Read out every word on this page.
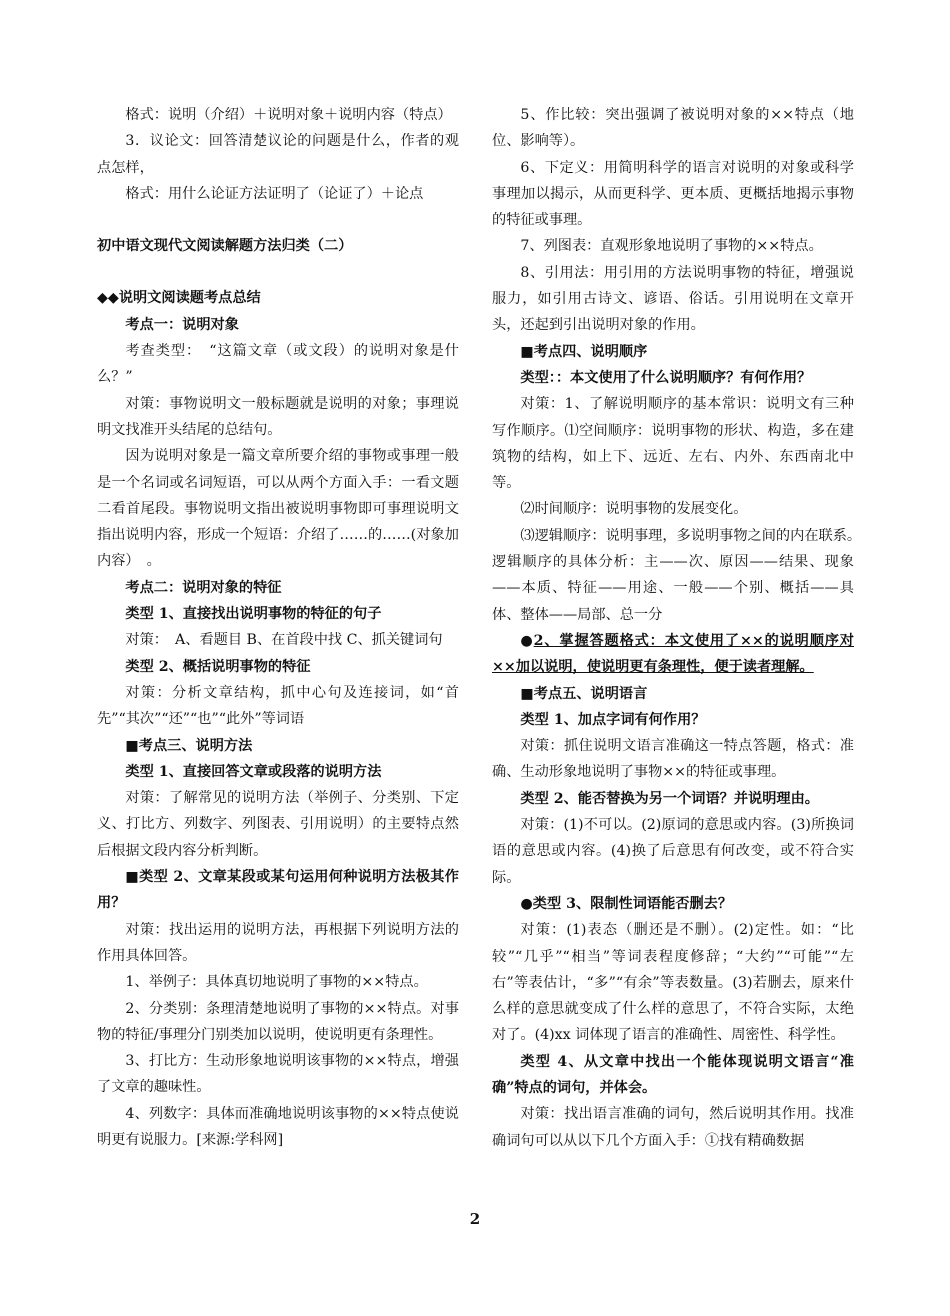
格式：说明（介绍）＋说明对象＋说明内容（特点）

3．议论文：回答清楚议论的问题是什么，作者的观点怎样，

格式：用什么论证方法证明了（论证了）＋论点

初中语文现代文阅读解题方法归类（二）

◆◆说明文阅读题考点总结

考点一：说明对象

考查类型：　“这篇文章（或文段）的说明对象是什么？”

对策：事物说明文一般标题就是说明的对象；事理说明文找准开头结尾的总结句。

因为说明对象是一篇文章所要介绍的事物或事理一般是一个名词或名词短语，可以从两个方面入手：一看文题二看首尾段。事物说明文指出被说明事物即可事理说明文指出说明内容，形成一个短语：介绍了……的……(对象加内容）　。

考点二：说明对象的特征

类型 1、直接找出说明事物的特征的句子

对策：　A、看题目 B、在首段中找 C、抓关键词句

类型 2、概括说明事物的特征

对策：分析文章结构，抓中心句及连接词，如“首先”“其次”“还”“也”“此外”等词语

■考点三、说明方法

类型 1、直接回答文章或段落的说明方法

对策：了解常见的说明方法（举例子、分类别、下定义、打比方、列数字、列图表、引用说明）的主要特点然后根据文段内容分析判断。

■类型 2、文章某段或某句运用何种说明方法极其作用？

对策：找出运用的说明方法，再根据下列说明方法的作用具体回答。

1、举例子：具体真切地说明了事物的××特点。

2、分类别：条理清楚地说明了事物的××特点。对事物的特征/事理分门别类加以说明，使说明更有条理性。

3、打比方：生动形象地说明该事物的××特点，增强了文章的趣味性。

4、列数字：具体而准确地说明该事物的××特点使说明更有说服力。[来源:学科网]

5、作比较：突出强调了被说明对象的××特点（地位、影响等）。

6、下定义：用简明科学的语言对说明的对象或科学事理加以揭示，从而更科学、更本质、更概括地揭示事物的特征或事理。

7、列图表：直观形象地说明了事物的××特点。

8、引用法：用引用的方法说明事物的特征，增强说服力，如引用古诗文、谚语、俗话。引用说明在文章开头，还起到引出说明对象的作用。

■考点四、说明顺序

类型：：本文使用了什么说明顺序？有何作用？

对策：1、了解说明顺序的基本常识：说明文有三种写作顺序。⑴空间顺序：说明事物的形状、构造，多在建筑物的结构，如上下、远近、左右、内外、东西南北中等。

⑵时间顺序：说明事物的发展变化。

⑶逻辑顺序：说明事理，多说明事物之间的内在联系。　　逻辑顺序的具体分析：主——次、原因——结果、现象——本质、特征——用途、一般——个别、概括——具体、整体——局部、总一分

●2、掌握答题格式：本文使用了××的说明顺序对××加以说明，使说明更有条理性，便于读者理解。

■考点五、说明语言

类型 1、加点字词有何作用？

对策：抓住说明文语言准确这一特点答题，格式：准确、生动形象地说明了事物××的特征或事理。

类型 2、能否替换为另一个词语？并说明理由。

对策：(1)不可以。(2)原词的意思或内容。(3)所换词语的意思或内容。(4)换了后意思有何改变，或不符合实际。

●类型 3、限制性词语能否删去？

对策：(1)表态（删还是不删）。(2)定性。如：“比较”“几乎”“相当”等词表程度修辞；“大约”“可能”“左右”等表估计，“多”“有余”等表数量。(3)若删去，原来什么样的意思就变成了什么样的意思了，不符合实际，太绝对了。(4)xx 词体现了语言的准确性、周密性、科学性。

类型 4、从文章中找出一个能体现说明文语言“准确”特点的词句，并体会。

对策：找出语言准确的词句，然后说明其作用。找准确词句可以从以下几个方面入手：①找有精确数据

2
